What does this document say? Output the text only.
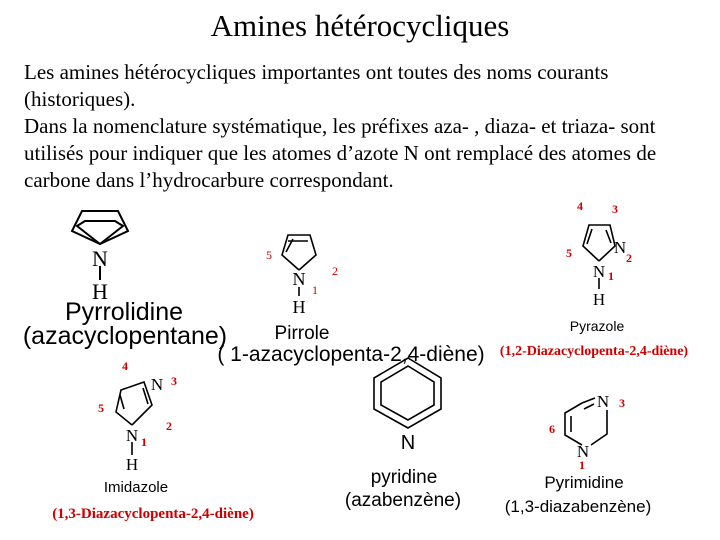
Amines hétérocycliques

Les amines hétérocycliques importantes ont toutes des noms courants (historiques).

Dans la nomenclature systématique, les préfixes aza- , diaza- et triaza- sont utilisés pour indiquer que les atomes d’azote N ont remplacé des atomes de carbone dans l’hydrocarbure correspondant.

N
H
Pyrrolidine
(azacyclopentane)
N
H
1
2
5
Pirrole
( 1-azacyclopenta-2,4-diène)
N
N
H
1
2
3
4
5
Pyrazole
(1,2-Diazacyclopenta-2,4-diène)
N
N
H
1
2
3
4
5
Imidazole
(1,3-Diazacyclopenta-2,4-diène)
N
pyridine
(azabenzène)
N
N
1
3
6
Pyrimidine
(1,3-diazabenzène)
